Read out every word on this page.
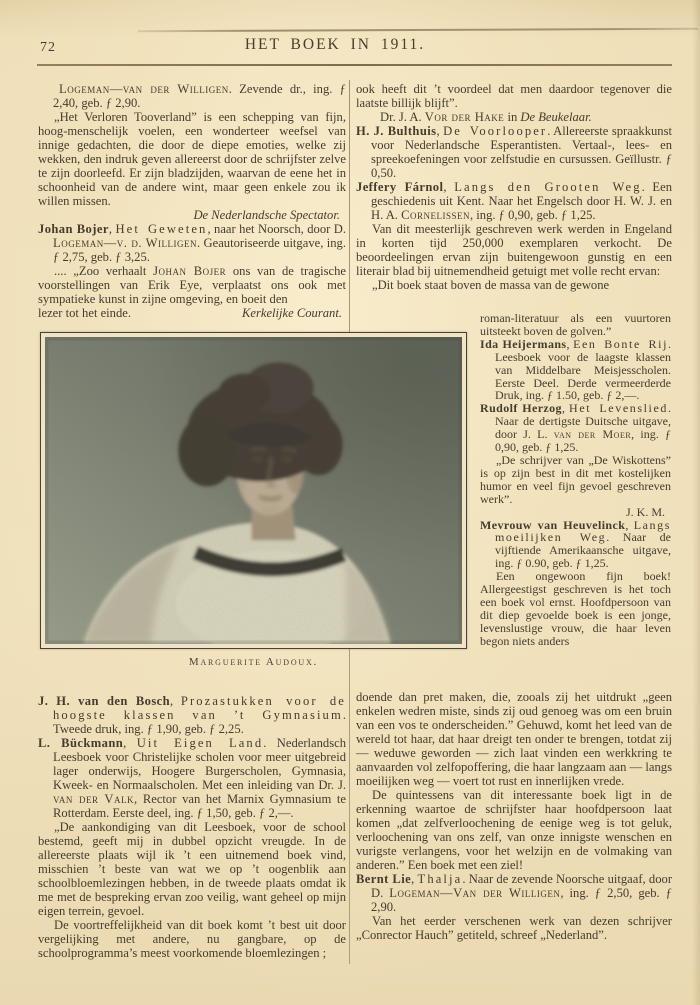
72	HET BOEK IN 1911.

Logeman—van der Willigen. Zevende dr., ing. ƒ 2,40, geb. ƒ 2,90.

„Het Verloren Tooverland” is een schepping van fijn, hoog-menschelijk voelen, een wonderteer weefsel van innige gedachten, die door de diepe emoties, welke zij wekken, den indruk geven allereerst door de schrijfster zelve te zijn doorleefd. Er zijn bladzijden, waarvan de eene het in schoonheid van de andere wint, maar geen enkele zou ik willen missen.

De Nederlandsche Spectator.

Johan Bojer, Het Geweten, naar het Noorsch, door D. Logeman—v. d. Willigen. Geautoriseerde uitgave, ing. ƒ 2,75, geb. ƒ 3,25.

.... „Zoo verhaalt Johan Bojer ons van de tragische voorstellingen van Erik Eye, verplaatst ons ook met sympatieke kunst in zijne omgeving, en boeit den

lezer tot het einde.	Kerkelijke Courant.

ook heeft dit ’t voordeel dat men daardoor tegenover die laatste billijk blijft”.

Dr. J. A. Vor der Hake in De Beukelaar.

H. J. Bulthuis, De Voorlooper. Allereerste spraakkunst voor Nederlandsche Esperantisten. Vertaal-, lees- en spreekoefeningen voor zelfstudie en cursussen. Geïllustr. ƒ 0,50.

Jeffery Fárnol, Langs den Grooten Weg. Een geschiedenis uit Kent. Naar het Engelsch door H. W. J. en H. A. Cornelissen, ing. ƒ 0,90, geb. ƒ 1,25.

Van dit meesterlijk geschreven werk werden in Engeland in korten tijd 250,000 exemplaren verkocht. De beoordeelingen ervan zijn buitengewoon gunstig en een literair blad bij uitnemendheid getuigt met volle recht ervan:

„Dit boek staat boven de massa van de gewone

roman-literatuur als een vuurtoren uitsteekt boven de golven.”

Ida Heijermans, Een Bonte Rij. Leesboek voor de laagste klassen van Middelbare Meisjesscholen. Eerste Deel. Derde vermeerderde Druk, ing. ƒ 1.50, geb. ƒ 2,—.

Rudolf Herzog, Het Levenslied. Naar de dertigste Duitsche uitgave, door J. L. van der Moer, ing. ƒ 0,90, geb. ƒ 1,25.

„De schrijver van „De Wiskottens” is op zijn best in dit met kostelijken humor en veel fijn gevoel geschreven werk”.

J. K. M.

Mevrouw van Heuvelinck, Langs moeilijken Weg. Naar de vijftiende Amerikaansche uitgave, ing. ƒ 0.90, geb. ƒ 1,25.

Een ongewoon fijn boek! Allergeestigst geschreven is het toch een boek vol ernst. Hoofdpersoon van dit diep gevoelde boek is een jonge, levenslustige vrouw, die haar leven begon niets anders

J. H. van den Bosch, Prozastukken voor de hoogste klassen van ’t Gymnasium. Tweede druk, ing. ƒ 1,90, geb. ƒ 2,25.

L. Bückmann, Uit Eigen Land. Nederlandsch Leesboek voor Christelijke scholen voor meer uitgebreid lager onderwijs, Hoogere Burgerscholen, Gymnasia, Kweek- en Normaalscholen. Met een inleiding van Dr. J. van der Valk, Rector van het Marnix Gymnasium te Rotterdam. Eerste deel, ing. ƒ 1,50, geb. ƒ 2,—.

„De aankondiging van dit Leesboek, voor de school bestemd, geeft mij in dubbel opzicht vreugde. In de allereerste plaats wijl ik ’t een uitnemend boek vind, misschien ’t beste van wat we op ’t oogenblik aan schoolbloemlezingen hebben, in de tweede plaats omdat ik me met de bespreking ervan zoo veilig, want geheel op mijn eigen terrein, gevoel.

De voortreffelijkheid van dit boek komt ’t best uit door vergelijking met andere, nu gangbare, op de schoolprogramma’s meest voorkomende bloemlezingen ;

doende dan pret maken, die, zooals zij het uitdrukt „geen enkelen wedren miste, sinds zij oud genoeg was om een bruin van een vos te onderscheiden.” Gehuwd, komt het leed van de wereld tot haar, dat haar dreigt ten onder te brengen, totdat zij — weduwe geworden — zich laat vinden een werkkring te aanvaarden vol zelfopoffering, die haar langzaam aan — langs moeilijken weg — voert tot rust en innerlijken vrede.

De quintessens van dit interessante boek ligt in de erkenning waartoe de schrijfster haar hoofdpersoon laat komen „dat zelfverloochening de eenige weg is tot geluk, verloochening van ons zelf, van onze innigste wenschen en vurigste verlangens, voor het welzijn en de volmaking van anderen.” Een boek met een ziel!

Bernt Lie, Thalja. Naar de zevende Noorsche uitgaaf, door D. Logeman—Van der Willigen, ing. ƒ 2,50, geb. ƒ 2,90.

Van het eerder verschenen werk van dezen schrijver „Conrector Hauch” getiteld, schreef „Nederland”.

Marguerite Audoux.
